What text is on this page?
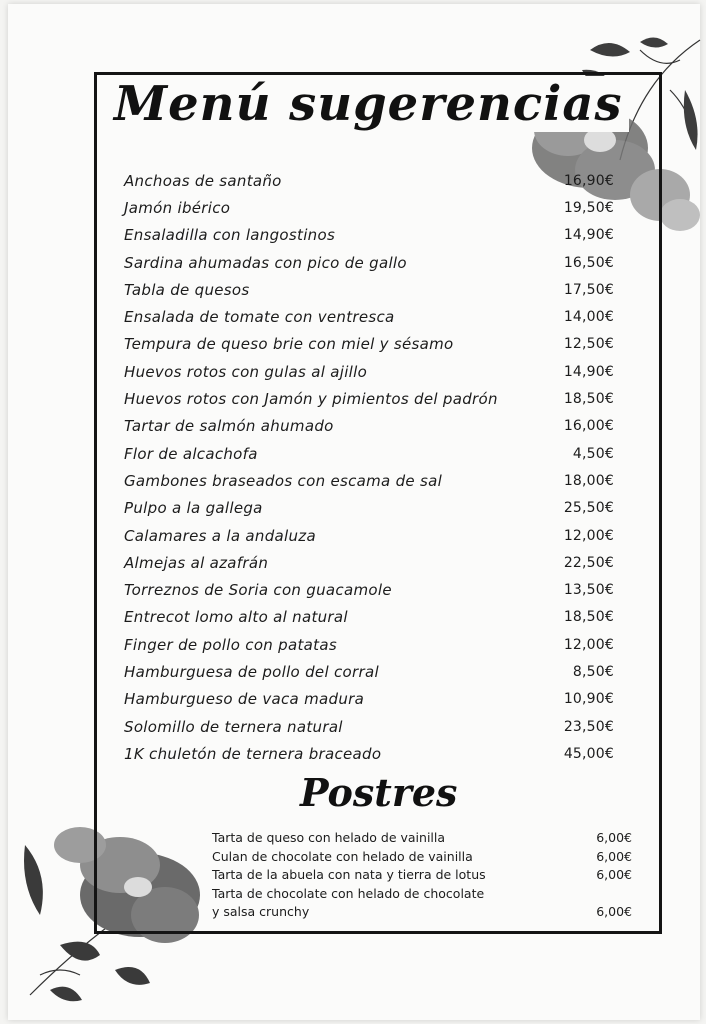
Menú sugerencias
Anchoas de santaño	16,90€
Jamón ibérico	19,50€
Ensaladilla con langostinos	14,90€
Sardina ahumadas con pico de gallo	16,50€
Tabla de quesos	17,50€
Ensalada de tomate con ventresca	14,00€
Tempura de queso brie con miel y sésamo	12,50€
Huevos rotos con gulas al ajillo	14,90€
Huevos rotos con Jamón y pimientos del padrón	18,50€
Tartar de salmón ahumado	16,00€
Flor de alcachofa	4,50€
Gambones braseados con escama de sal	18,00€
Pulpo a la gallega	25,50€
Calamares a la andaluza	12,00€
Almejas al azafrán	22,50€
Torreznos de Soria con guacamole	13,50€
Entrecot lomo alto al natural	18,50€
Finger de pollo con patatas	12,00€
Hamburguesa de pollo del corral	8,50€
Hamburgueso de vaca madura	10,90€
Solomillo de ternera natural	23,50€
1K chuletón de ternera braceado	45,00€
Postres
Tarta de queso con helado de vainilla	6,00€
Culan de chocolate con helado de vainilla	6,00€
Tarta de la abuela con nata y tierra de lotus	6,00€
Tarta de chocolate con helado de chocolate
y salsa crunchy	6,00€
